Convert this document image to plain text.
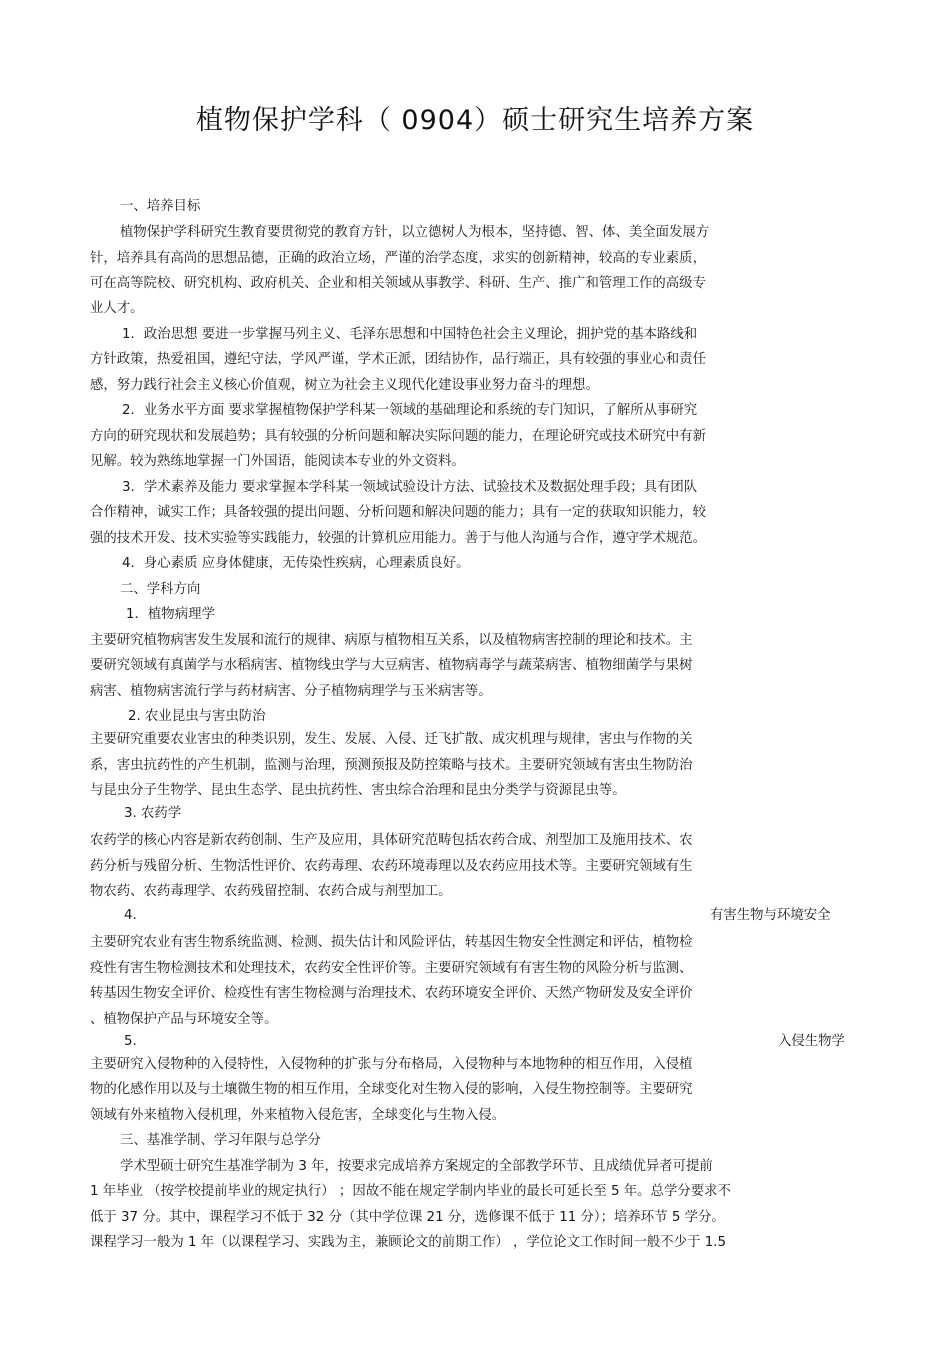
植物保护学科（ 0904）硕士研究生培养方案
一、培养目标
植物保护学科研究生教育要贯彻党的教育方针，以立德树人为根本，坚持德、智、体、美全面发展方
针，培养具有高尚的思想品德，正确的政治立场，严谨的治学态度，求实的创新精神，较高的专业素质，
可在高等院校、研究机构、政府机关、企业和相关领域从事教学、科研、生产、推广和管理工作的高级专
业人才。
1．政治思想 要进一步掌握马列主义、毛泽东思想和中国特色社会主义理论，拥护党的基本路线和
方针政策，热爱祖国，遵纪守法，学风严谨，学术正派，团结协作，品行端正，具有较强的事业心和责任
感，努力践行社会主义核心价值观，树立为社会主义现代化建设事业努力奋斗的理想。
2．业务水平方面 要求掌握植物保护学科某一领域的基础理论和系统的专门知识，了解所从事研究
方向的研究现状和发展趋势；具有较强的分析问题和解决实际问题的能力，在理论研究或技术研究中有新
见解。较为熟练地掌握一门外国语，能阅读本专业的外文资料。
3．学术素养及能力 要求掌握本学科某一领域试验设计方法、试验技术及数据处理手段；具有团队
合作精神，诚实工作；具备较强的提出问题、分析问题和解决问题的能力；具有一定的获取知识能力，较
强的技术开发、技术实验等实践能力，较强的计算机应用能力。善于与他人沟通与合作，遵守学术规范。
4．身心素质 应身体健康，无传染性疾病，心理素质良好。
二、学科方向
1．植物病理学
主要研究植物病害发生发展和流行的规律、病原与植物相互关系，以及植物病害控制的理论和技术。主
要研究领域有真菌学与水稻病害、植物线虫学与大豆病害、植物病毒学与蔬菜病害、植物细菌学与果树
病害、植物病害流行学与药材病害、分子植物病理学与玉米病害等。
2. 农业昆虫与害虫防治
主要研究重要农业害虫的种类识别，发生、发展、入侵、迁飞扩散、成灾机理与规律，害虫与作物的关
系，害虫抗药性的产生机制，监测与治理，预测预报及防控策略与技术。主要研究领域有害虫生物防治
与昆虫分子生物学、昆虫生态学、昆虫抗药性、害虫综合治理和昆虫分类学与资源昆虫等。
3. 农药学
农药学的核心内容是新农药创制、生产及应用，具体研究范畴包括农药合成、剂型加工及施用技术、农
药分析与残留分析、生物活性评价、农药毒理、农药环境毒理以及农药应用技术等。主要研究领域有生
物农药、农药毒理学、农药残留控制、农药合成与剂型加工。
4.	有害生物与环境安全
主要研究农业有害生物系统监测、检测、损失估计和风险评估，转基因生物安全性测定和评估，植物检
疫性有害生物检测技术和处理技术，农药安全性评价等。主要研究领域有有害生物的风险分析与监测、
转基因生物安全评价、检疫性有害生物检测与治理技术、农药环境安全评价、天然产物研发及安全评价
、植物保护产品与环境安全等。
5.	入侵生物学
主要研究入侵物种的入侵特性，入侵物种的扩张与分布格局，入侵物种与本地物种的相互作用，入侵植
物的化感作用以及与土壤微生物的相互作用，全球变化对生物入侵的影响，入侵生物控制等。主要研究
领域有外来植物入侵机理，外来植物入侵危害，全球变化与生物入侵。
三、基准学制、学习年限与总学分
学术型硕士研究生基准学制为 3 年，按要求完成培养方案规定的全部教学环节、且成绩优异者可提前
1 年毕业 （按学校提前毕业的规定执行） ；因故不能在规定学制内毕业的最长可延长至 5 年。总学分要求不
低于 37 分。其中，课程学习不低于 32 分（其中学位课 21 分，选修课不低于 11 分）；培养环节 5 学分。
课程学习一般为 1 年（以课程学习、实践为主，兼顾论文的前期工作） ，学位论文工作时间一般不少于 1.5
